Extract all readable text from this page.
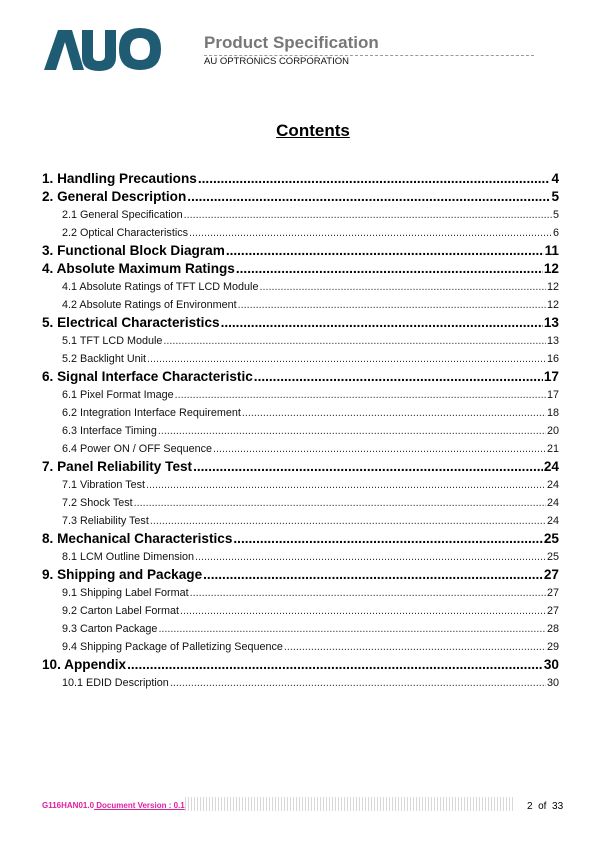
Product Specification
AU OPTRONICS CORPORATION
Contents
1. Handling Precautions .....	4
2. General Description .....	5
2.1 General Specification .....	5
2.2 Optical Characteristics .....	6
3. Functional Block Diagram .....	11
4. Absolute Maximum Ratings .....	12
4.1 Absolute Ratings of TFT LCD Module .....	12
4.2 Absolute Ratings of Environment .....	12
5. Electrical Characteristics .....	13
5.1 TFT LCD Module .....	13
5.2 Backlight Unit .....	16
6. Signal Interface Characteristic .....	17
6.1 Pixel Format Image .....	17
6.2 Integration Interface Requirement .....	18
6.3 Interface Timing .....	20
6.4 Power ON / OFF Sequence .....	21
7. Panel Reliability Test .....	24
7.1 Vibration Test .....	24
7.2 Shock Test .....	24
7.3 Reliability Test .....	24
8. Mechanical Characteristics .....	25
8.1 LCM Outline Dimension .....	25
9. Shipping and Package .....	27
9.1 Shipping Label Format .....	27
9.2 Carton Label Format .....	27
9.3 Carton Package .....	28
9.4 Shipping Package of Palletizing Sequence .....	29
10. Appendix .....	30
10.1 EDID Description .....	30
G116HAN01.0 Document Version : 0.1	2 of 33
